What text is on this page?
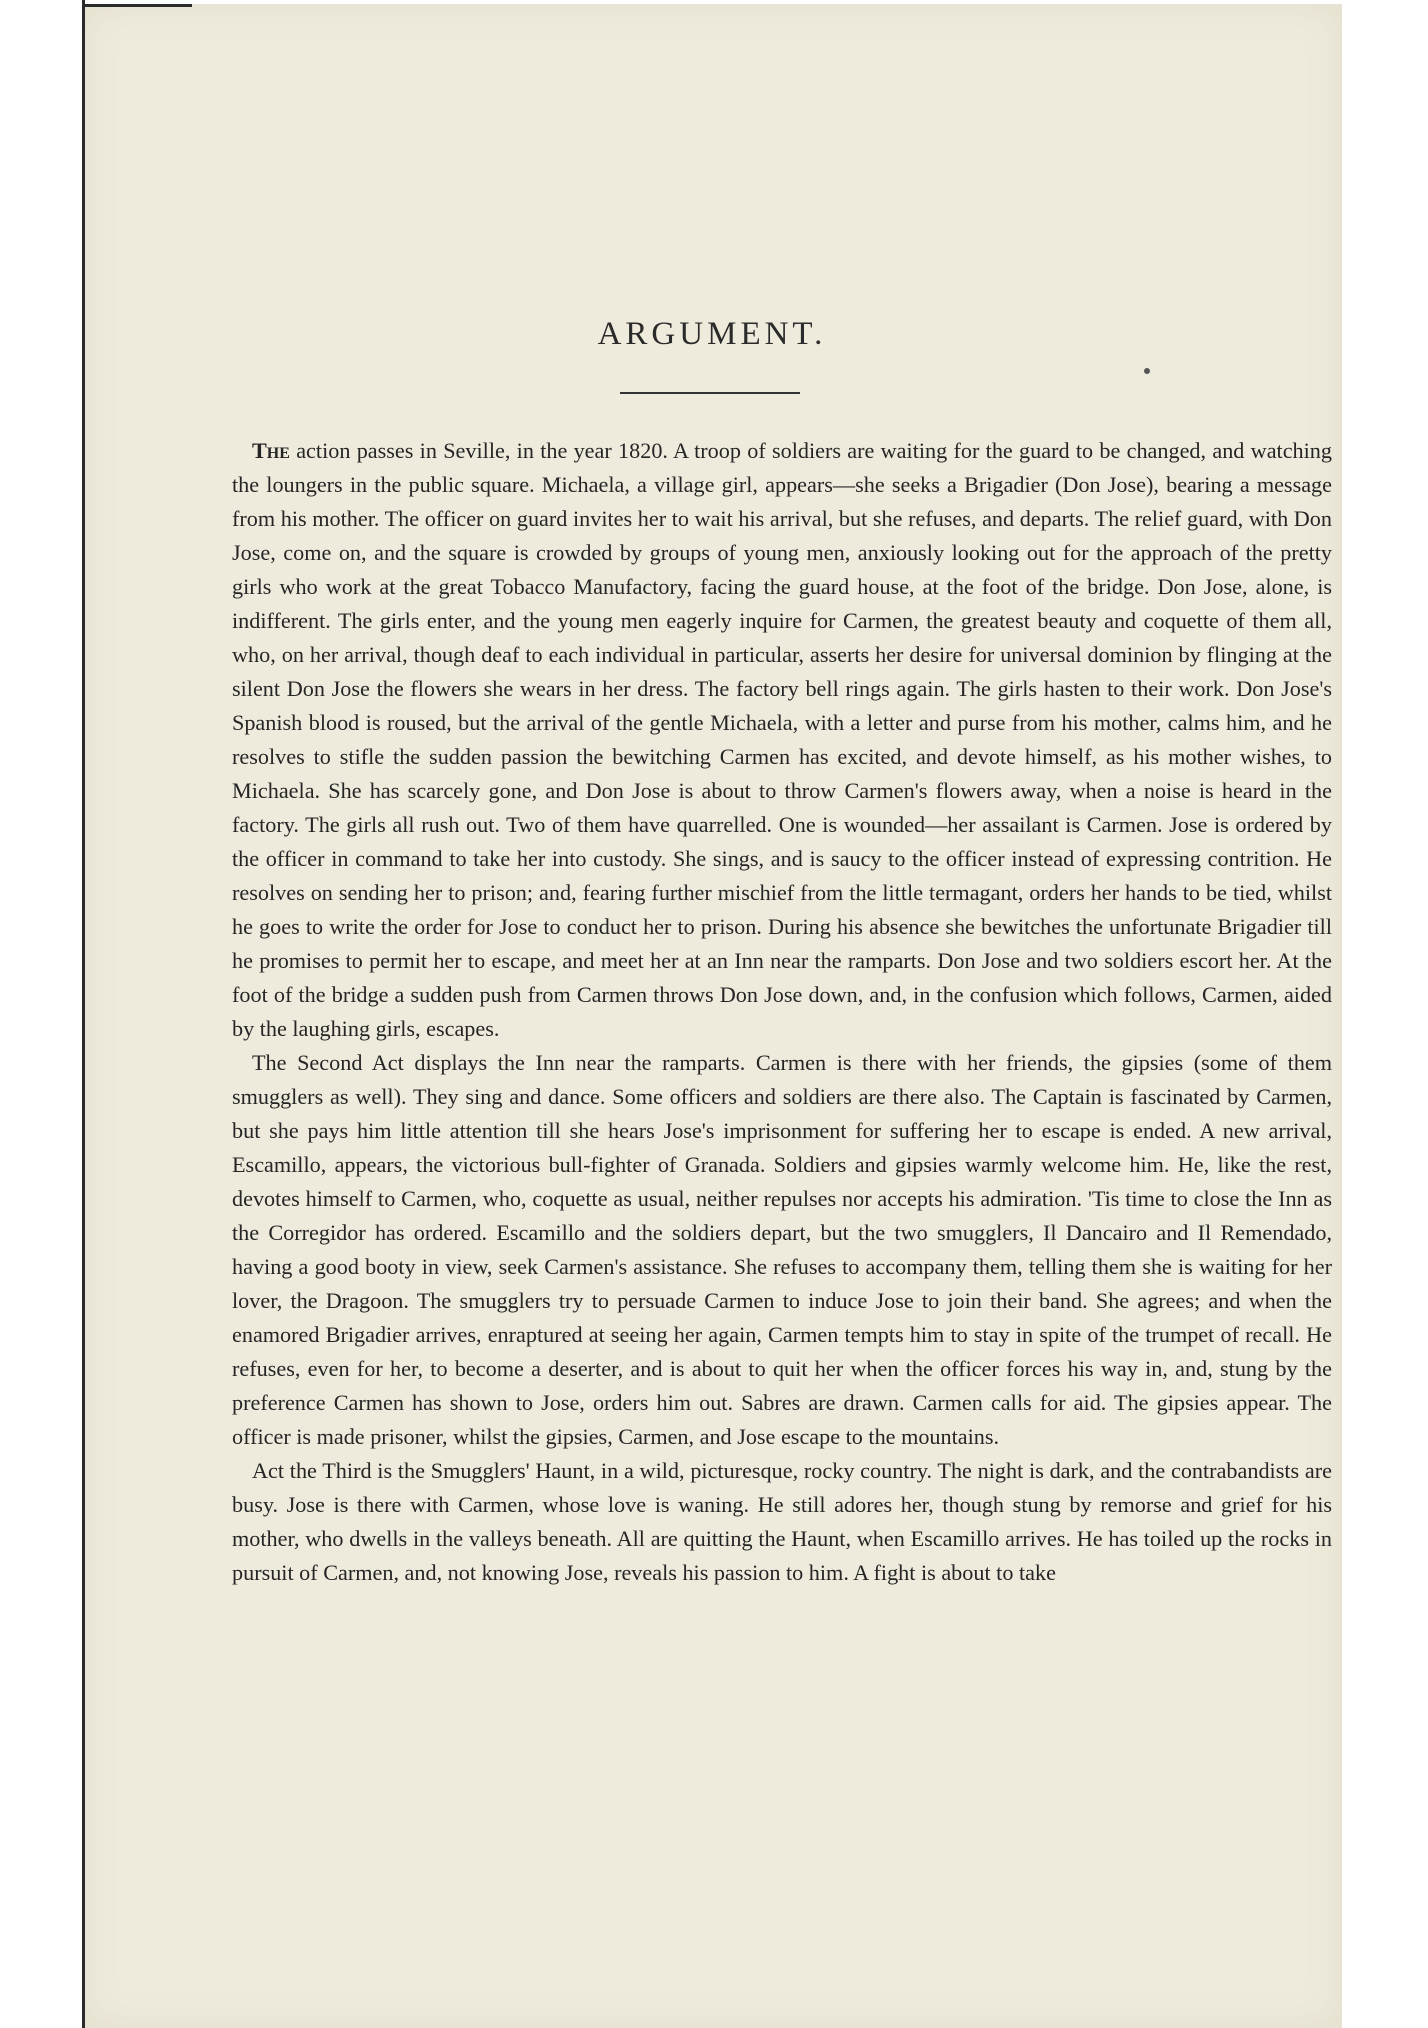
ARGUMENT.

The action passes in Seville, in the year 1820. A troop of soldiers are waiting for the guard to be changed, and watching the loungers in the public square. Michaela, a village girl, appears—she seeks a Brigadier (Don Jose), bearing a message from his mother. The officer on guard invites her to wait his arrival, but she refuses, and departs. The relief guard, with Don Jose, come on, and the square is crowded by groups of young men, anxiously looking out for the approach of the pretty girls who work at the great Tobacco Manufactory, facing the guard house, at the foot of the bridge. Don Jose, alone, is indifferent. The girls enter, and the young men eagerly inquire for Carmen, the greatest beauty and coquette of them all, who, on her arrival, though deaf to each individual in particular, asserts her desire for universal dominion by flinging at the silent Don Jose the flowers she wears in her dress. The factory bell rings again. The girls hasten to their work. Don Jose's Spanish blood is roused, but the arrival of the gentle Michaela, with a letter and purse from his mother, calms him, and he resolves to stifle the sudden passion the bewitching Carmen has excited, and devote himself, as his mother wishes, to Michaela. She has scarcely gone, and Don Jose is about to throw Carmen's flowers away, when a noise is heard in the factory. The girls all rush out. Two of them have quarrelled. One is wounded—her assailant is Carmen. Jose is ordered by the officer in command to take her into custody. She sings, and is saucy to the officer instead of expressing contrition. He resolves on sending her to prison; and, fearing further mischief from the little termagant, orders her hands to be tied, whilst he goes to write the order for Jose to conduct her to prison. During his absence she bewitches the unfortunate Brigadier till he promises to permit her to escape, and meet her at an Inn near the ramparts. Don Jose and two soldiers escort her. At the foot of the bridge a sudden push from Carmen throws Don Jose down, and, in the confusion which follows, Carmen, aided by the laughing girls, escapes.

The Second Act displays the Inn near the ramparts. Carmen is there with her friends, the gipsies (some of them smugglers as well). They sing and dance. Some officers and soldiers are there also. The Captain is fascinated by Carmen, but she pays him little attention till she hears Jose's imprisonment for suffering her to escape is ended. A new arrival, Escamillo, appears, the victorious bull-fighter of Granada. Soldiers and gipsies warmly welcome him. He, like the rest, devotes himself to Carmen, who, coquette as usual, neither repulses nor accepts his admiration. 'Tis time to close the Inn as the Corregidor has ordered. Escamillo and the soldiers depart, but the two smugglers, Il Dancairo and Il Remendado, having a good booty in view, seek Carmen's assistance. She refuses to accompany them, telling them she is waiting for her lover, the Dragoon. The smugglers try to persuade Carmen to induce Jose to join their band. She agrees; and when the enamored Brigadier arrives, enraptured at seeing her again, Carmen tempts him to stay in spite of the trumpet of recall. He refuses, even for her, to become a deserter, and is about to quit her when the officer forces his way in, and, stung by the preference Carmen has shown to Jose, orders him out. Sabres are drawn. Carmen calls for aid. The gipsies appear. The officer is made prisoner, whilst the gipsies, Carmen, and Jose escape to the mountains.

Act the Third is the Smugglers' Haunt, in a wild, picturesque, rocky country. The night is dark, and the contrabandists are busy. Jose is there with Carmen, whose love is waning. He still adores her, though stung by remorse and grief for his mother, who dwells in the valleys beneath. All are quitting the Haunt, when Escamillo arrives. He has toiled up the rocks in pursuit of Carmen, and, not knowing Jose, reveals his passion to him. A fight is about to take
